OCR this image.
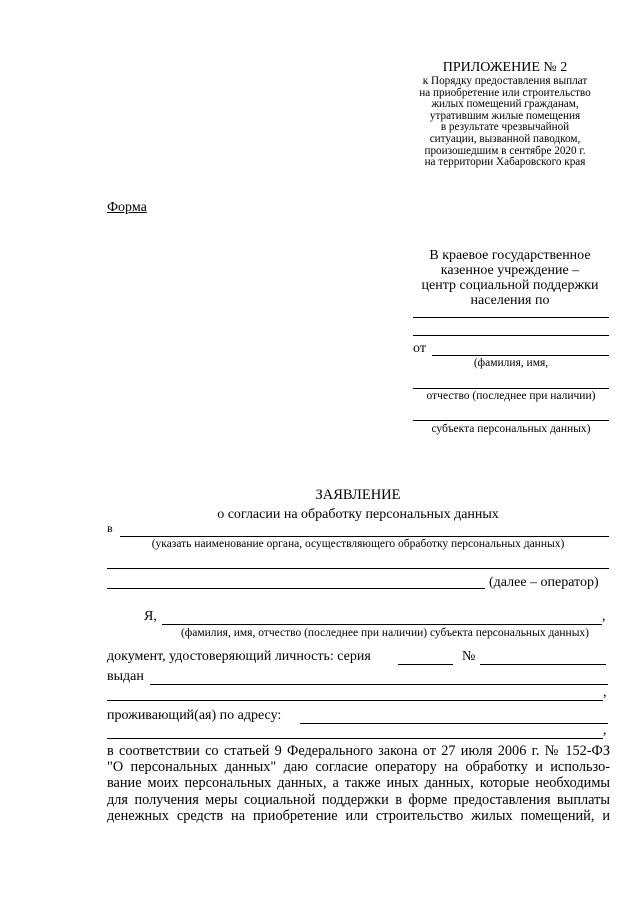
ПРИЛОЖЕНИЕ № 2
к Порядку предоставления выплат
на приобретение или строительство
жилых помещений гражданам,
утратившим жилые помещения
в результате чрезвычайной
ситуации, вызванной паводком,
произошедшим в сентябре 2020 г.
на территории Хабаровского края
Форма
В краевое государственное
казенное учреждение –
центр социальной поддержки
населения по
от
(фамилия, имя,
отчество (последнее при наличии)
субъекта персональных данных)
ЗАЯВЛЕНИЕ
о согласии на обработку персональных данных
в
(указать наименование органа, осуществляющего обработку персональных данных)
(далее – оператор)
Я,	,
(фамилия, имя, отчество (последнее при наличии) субъекта персональных данных)
документ, удостоверяющий личность: серия	№
выдан
,
проживающий(ая) по адресу:
,
в соответствии со статьей 9 Федерального закона от 27 июля 2006 г. № 152-ФЗ
"О персональных данных" даю согласие оператору на обработку и использо-
вание моих персональных данных, а также иных данных, которые необходимы
для получения меры социальной поддержки в форме предоставления выплаты
денежных средств на приобретение или строительство жилых помещений, и
